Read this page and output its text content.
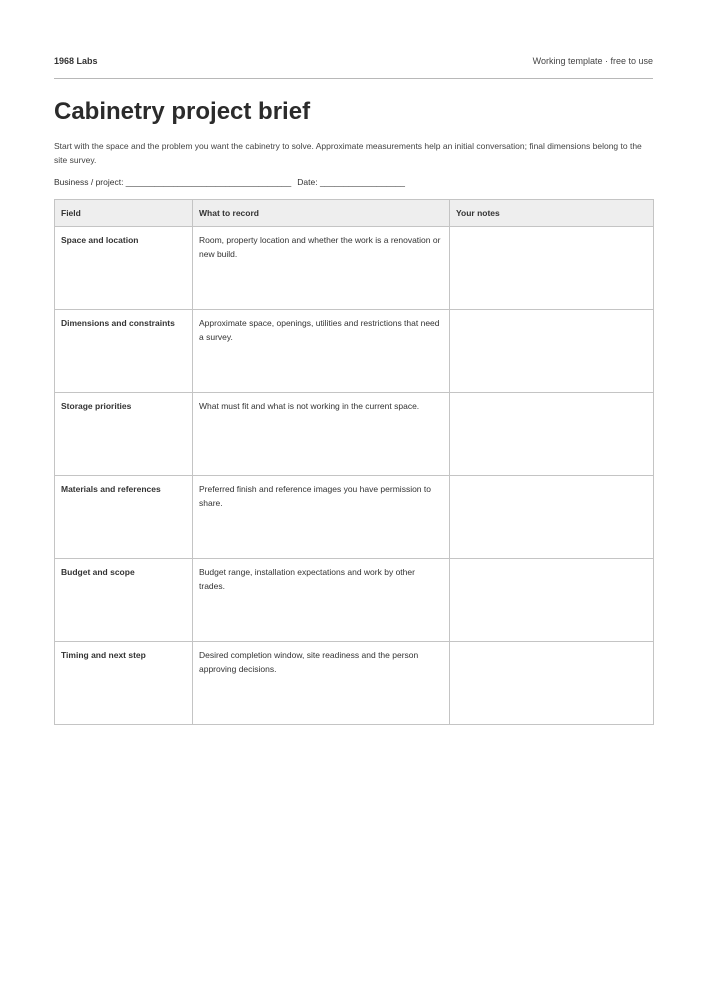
1968 Labs	Working template · free to use
Cabinetry project brief

Start with the space and the problem you want the cabinetry to solve. Approximate measurements help an initial conversation; final dimensions belong to the site survey.

Business / project: ___________________________________ Date: __________________
Field	What to record	Your notes
Space and location	Room, property location and whether the work is a renovation or new build.	
Dimensions and constraints	Approximate space, openings, utilities and restrictions that need a survey.	
Storage priorities	What must fit and what is not working in the current space.	
Materials and references	Preferred finish and reference images you have permission to share.	
Budget and scope	Budget range, installation expectations and work by other trades.	
Timing and next step	Desired completion window, site readiness and the person approving decisions.	
